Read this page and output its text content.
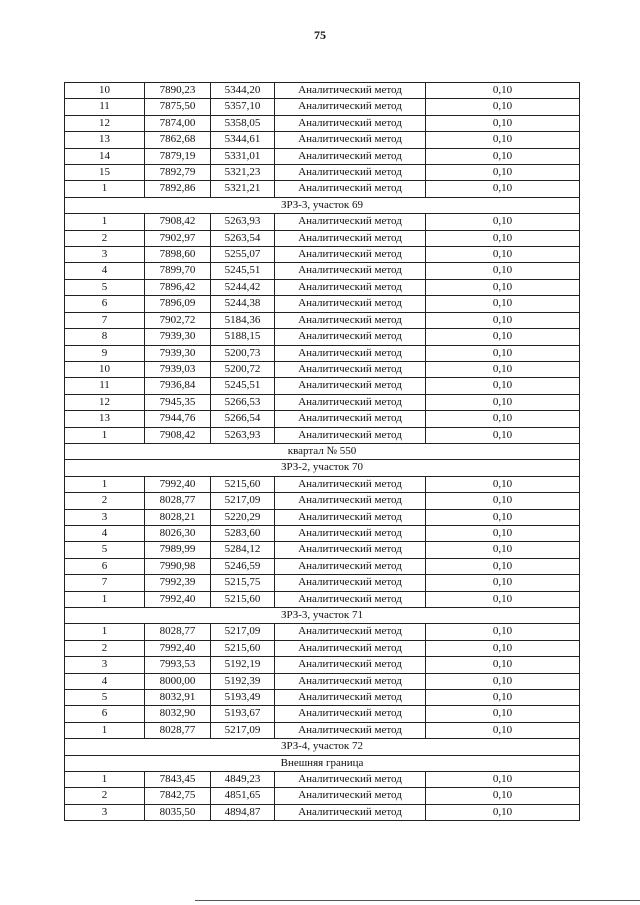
75
10	7890,23	5344,20	Аналитический метод	0,10
11	7875,50	5357,10	Аналитический метод	0,10
12	7874,00	5358,05	Аналитический метод	0,10
13	7862,68	5344,61	Аналитический метод	0,10
14	7879,19	5331,01	Аналитический метод	0,10
15	7892,79	5321,23	Аналитический метод	0,10
1	7892,86	5321,21	Аналитический метод	0,10
ЗРЗ-3, участок 69				
1	7908,42	5263,93	Аналитический метод	0,10
2	7902,97	5263,54	Аналитический метод	0,10
3	7898,60	5255,07	Аналитический метод	0,10
4	7899,70	5245,51	Аналитический метод	0,10
5	7896,42	5244,42	Аналитический метод	0,10
6	7896,09	5244,38	Аналитический метод	0,10
7	7902,72	5184,36	Аналитический метод	0,10
8	7939,30	5188,15	Аналитический метод	0,10
9	7939,30	5200,73	Аналитический метод	0,10
10	7939,03	5200,72	Аналитический метод	0,10
11	7936,84	5245,51	Аналитический метод	0,10
12	7945,35	5266,53	Аналитический метод	0,10
13	7944,76	5266,54	Аналитический метод	0,10
1	7908,42	5263,93	Аналитический метод	0,10
квартал № 550				
ЗРЗ-2, участок 70				
1	7992,40	5215,60	Аналитический метод	0,10
2	8028,77	5217,09	Аналитический метод	0,10
3	8028,21	5220,29	Аналитический метод	0,10
4	8026,30	5283,60	Аналитический метод	0,10
5	7989,99	5284,12	Аналитический метод	0,10
6	7990,98	5246,59	Аналитический метод	0,10
7	7992,39	5215,75	Аналитический метод	0,10
1	7992,40	5215,60	Аналитический метод	0,10
ЗРЗ-3, участок 71				
1	8028,77	5217,09	Аналитический метод	0,10
2	7992,40	5215,60	Аналитический метод	0,10
3	7993,53	5192,19	Аналитический метод	0,10
4	8000,00	5192,39	Аналитический метод	0,10
5	8032,91	5193,49	Аналитический метод	0,10
6	8032,90	5193,67	Аналитический метод	0,10
1	8028,77	5217,09	Аналитический метод	0,10
ЗРЗ-4, участок 72				
Внешняя граница				
1	7843,45	4849,23	Аналитический метод	0,10
2	7842,75	4851,65	Аналитический метод	0,10
3	8035,50	4894,87	Аналитический метод	0,10
